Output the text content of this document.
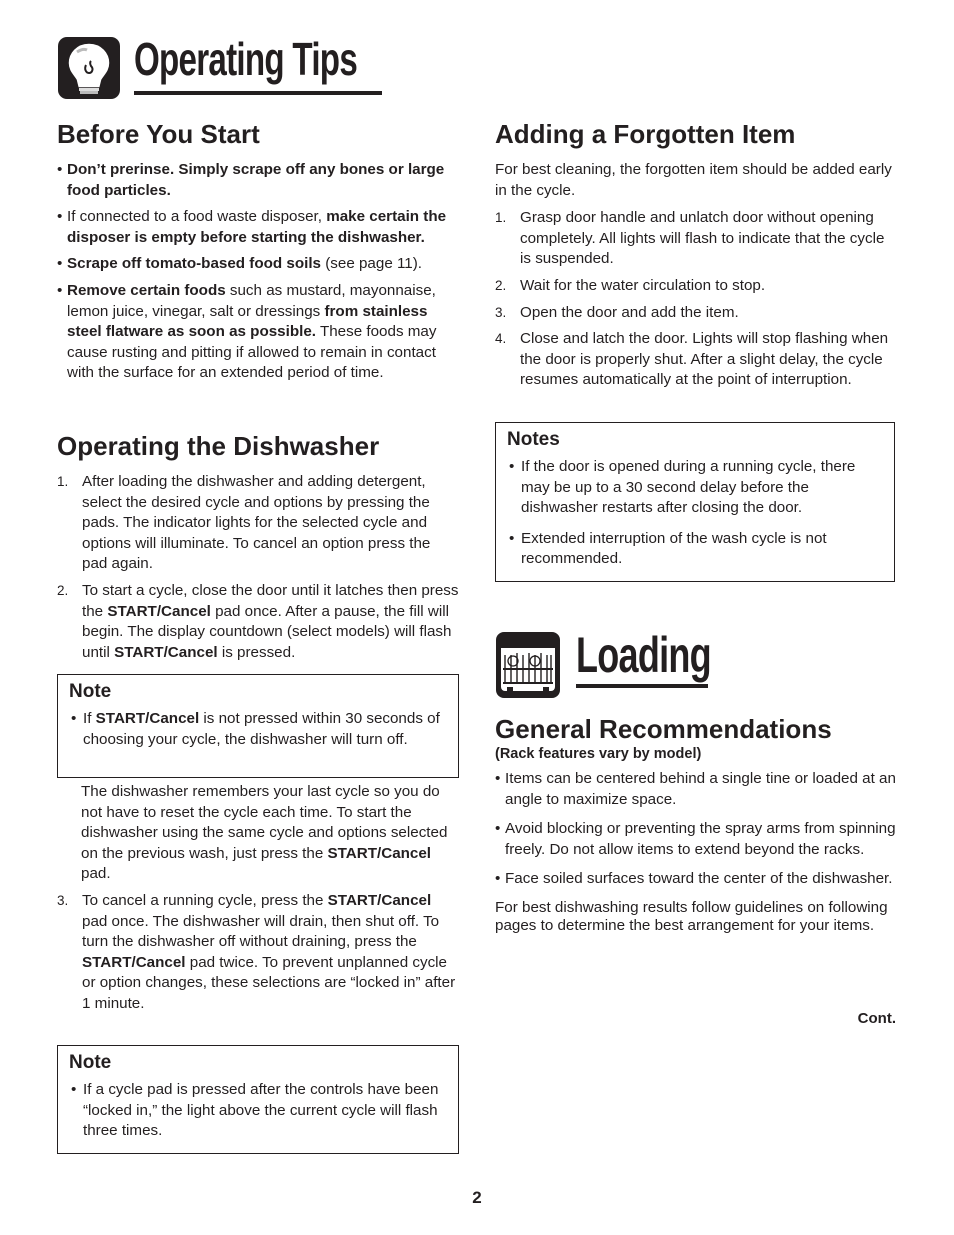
Operating Tips
Before You Start
• Don’t prerinse. Simply scrape off any bones or large food particles.
• If connected to a food waste disposer, make certain the disposer is empty before starting the dishwasher.
• Scrape off tomato-based food soils (see page 11).
• Remove certain foods such as mustard, mayonnaise, lemon juice, vinegar, salt or dressings from stainless steel flatware as soon as possible. These foods may cause rusting and pitting if allowed to remain in contact with the surface for an extended period of time.
Operating the Dishwasher
1. After loading the dishwasher and adding detergent, select the desired cycle and options by pressing the pads. The indicator lights for the selected cycle and options will illuminate. To cancel an option press the pad again.
2. To start a cycle, close the door until it latches then press the START/Cancel pad once. After a pause, the fill will begin. The display countdown (select models) will flash until START/Cancel is pressed.
Note
• If START/Cancel is not pressed within 30 seconds of choosing your cycle, the dishwasher will turn off.
The dishwasher remembers your last cycle so you do not have to reset the cycle each time. To start the dishwasher using the same cycle and options selected on the previous wash, just press the START/Cancel pad.
3. To cancel a running cycle, press the START/Cancel pad once. The dishwasher will drain, then shut off. To turn the dishwasher off without draining, press the START/Cancel pad twice. To prevent unplanned cycle or option changes, these selections are “locked in” after 1 minute.
Note
• If a cycle pad is pressed after the controls have been “locked in,” the light above the current cycle will flash three times.
Adding a Forgotten Item

For best cleaning, the forgotten item should be added early in the cycle.

1. Grasp door handle and unlatch door without opening completely. All lights will flash to indicate that the cycle is suspended.
2. Wait for the water circulation to stop.
3. Open the door and add the item.
4. Close and latch the door. Lights will stop flashing when the door is properly shut. After a slight delay, the cycle resumes automatically at the point of interruption.
Notes
• If the door is opened during a running cycle, there may be up to a 30 second delay before the dishwasher restarts after closing the door.
• Extended interruption of the wash cycle is not recommended.
Loading
General Recommendations
(Rack features vary by model)
• Items can be centered behind a single tine or loaded at an angle to maximize space.
• Avoid blocking or preventing the spray arms from spinning freely. Do not allow items to extend beyond the racks.
• Face soiled surfaces toward the center of the dishwasher.

For best dishwashing results follow guidelines on following pages to determine the best arrangement for your items.

Cont.
2
